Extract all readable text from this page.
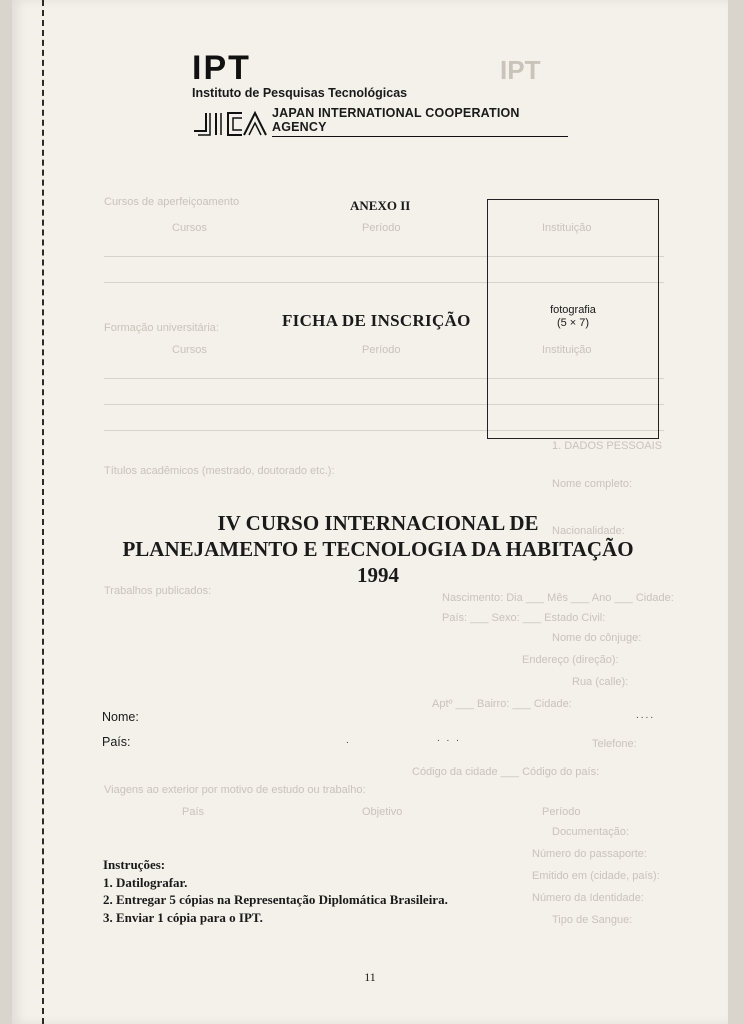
IPT
Cursos de aperfeiçoamento
Cursos	Período	Instituição
Formação universitária:
Cursos	Período	Instituição
Títulos acadêmicos (mestrado, doutorado etc.):
1. DADOS PESSOAIS
Nome completo:
Nacionalidade:
Trabalhos publicados:
Nascimento: Dia ___ Mês ___ Ano ___ Cidade:
País: ___ Sexo: ___ Estado Civil:
Nome do cônjuge:
Endereço (direção):
Rua (calle):
Aptº ___ Bairro: ___ Cidade:
Telefone:
Código da cidade ___ Código do país:
Viagens ao exterior por motivo de estudo ou trabalho:
País	Objetivo	Período
Documentação:
Número do passaporte:
Emitido em (cidade, país):
Número da Identidade:
Tipo de Sangue:
IPT
Instituto de Pesquisas Tecnológicas
JAPAN INTERNATIONAL COOPERATION AGENCY
ANEXO II
FICHA DE INSCRIÇÃO
fotografia
(5 × 7)
IV CURSO INTERNACIONAL DE
PLANEJAMENTO E TECNOLOGIA DA HABITAÇÃO
1994
Nome:	....
País:	.	. . .
Instruções:
1. Datilografar.
2. Entregar 5 cópias na Representação Diplomática Brasileira.
3. Enviar 1 cópia para o IPT.
11
